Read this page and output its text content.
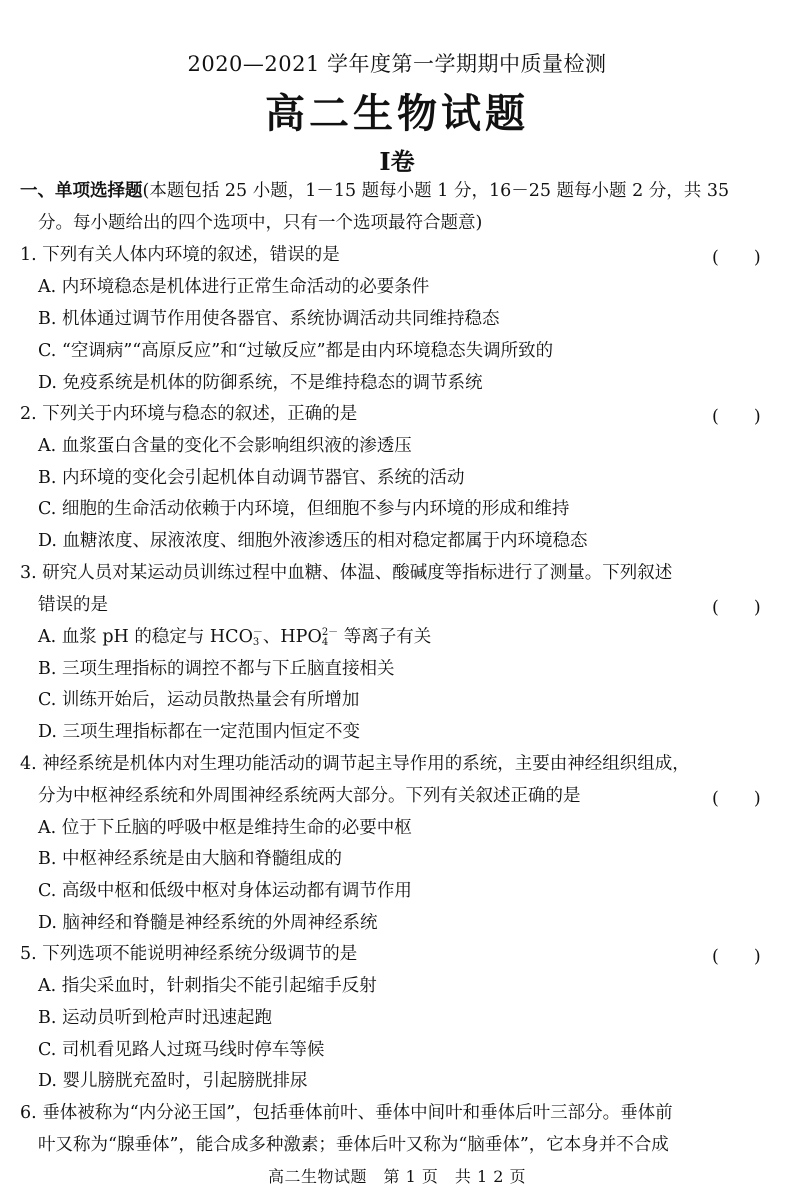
2020—2021 学年度第一学期期中质量检测
高二生物试题
Ⅰ卷
一、单项选择题(本题包括 25 小题，1－15 题每小题 1 分，16－25 题每小题 2 分，共 35
分。每小题给出的四个选项中，只有一个选项最符合题意)
1. 下列有关人体内环境的叙述，错误的是	(　　)
A. 内环境稳态是机体进行正常生命活动的必要条件
B. 机体通过调节作用使各器官、系统协调活动共同维持稳态
C. “空调病”“高原反应”和“过敏反应”都是由内环境稳态失调所致的
D. 免疫系统是机体的防御系统，不是维持稳态的调节系统
2. 下列关于内环境与稳态的叙述，正确的是	(　　)
A. 血浆蛋白含量的变化不会影响组织液的渗透压
B. 内环境的变化会引起机体自动调节器官、系统的活动
C. 细胞的生命活动依赖于内环境，但细胞不参与内环境的形成和维持
D. 血糖浓度、尿液浓度、细胞外液渗透压的相对稳定都属于内环境稳态
3. 研究人员对某运动员训练过程中血糖、体温、酸碱度等指标进行了测量。下列叙述
错误的是	(　　)
A. 血浆 pH 的稳定与 HCO －
3 、HPO 2－
4 等离子有关
B. 三项生理指标的调控不都与下丘脑直接相关
C. 训练开始后，运动员散热量会有所增加
D. 三项生理指标都在一定范围内恒定不变
4. 神经系统是机体内对生理功能活动的调节起主导作用的系统，主要由神经组织组成，
分为中枢神经系统和外周围神经系统两大部分。下列有关叙述正确的是	(　　)
A. 位于下丘脑的呼吸中枢是维持生命的必要中枢
B. 中枢神经系统是由大脑和脊髓组成的
C. 高级中枢和低级中枢对身体运动都有调节作用
D. 脑神经和脊髓是神经系统的外周神经系统
5. 下列选项不能说明神经系统分级调节的是	(　　)
A. 指尖采血时，针刺指尖不能引起缩手反射
B. 运动员听到枪声时迅速起跑
C. 司机看见路人过斑马线时停车等候
D. 婴儿膀胱充盈时，引起膀胱排尿
6. 垂体被称为“内分泌王国”，包括垂体前叶、垂体中间叶和垂体后叶三部分。垂体前
叶又称为“腺垂体”，能合成多种激素；垂体后叶又称为“脑垂体”，它本身并不合成
高二生物试题　第 1 页　共 1 2 页
